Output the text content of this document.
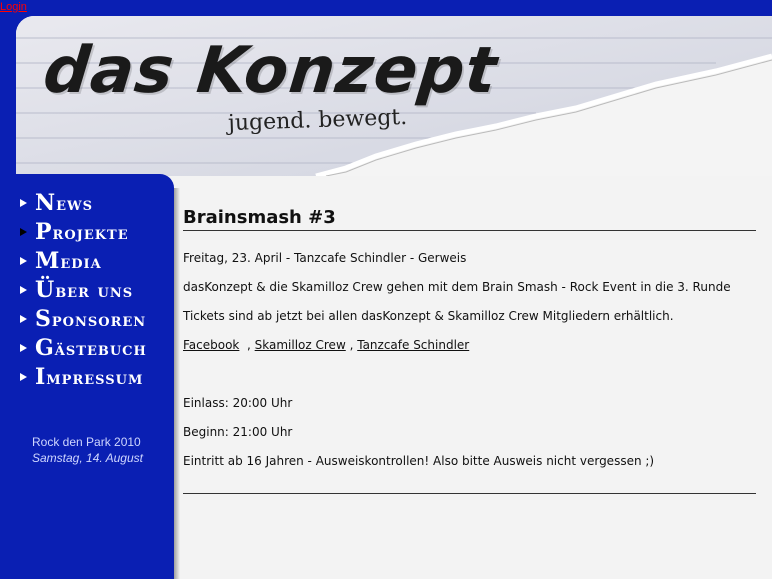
Login
das Konzept
jugend. bewegt.
News
Projekte
Media
Über uns
Sponsoren
Gästebuch
Impressum
Rock den Park 2010
Samstag, 14. August
Brainsmash #3

Freitag, 23. April - Tanzcafe Schindler - Gerweis

dasKonzept & die Skamilloz Crew gehen mit dem Brain Smash - Rock Event in die 3. Runde

Tickets sind ab jetzt bei allen dasKonzept & Skamilloz Crew Mitgliedern erhältlich.

Facebook  , Skamilloz Crew , Tanzcafe Schindler

Einlass: 20:00 Uhr

Beginn: 21:00 Uhr

Eintritt ab 16 Jahren - Ausweiskontrollen! Also bitte Ausweis nicht vergessen ;)
